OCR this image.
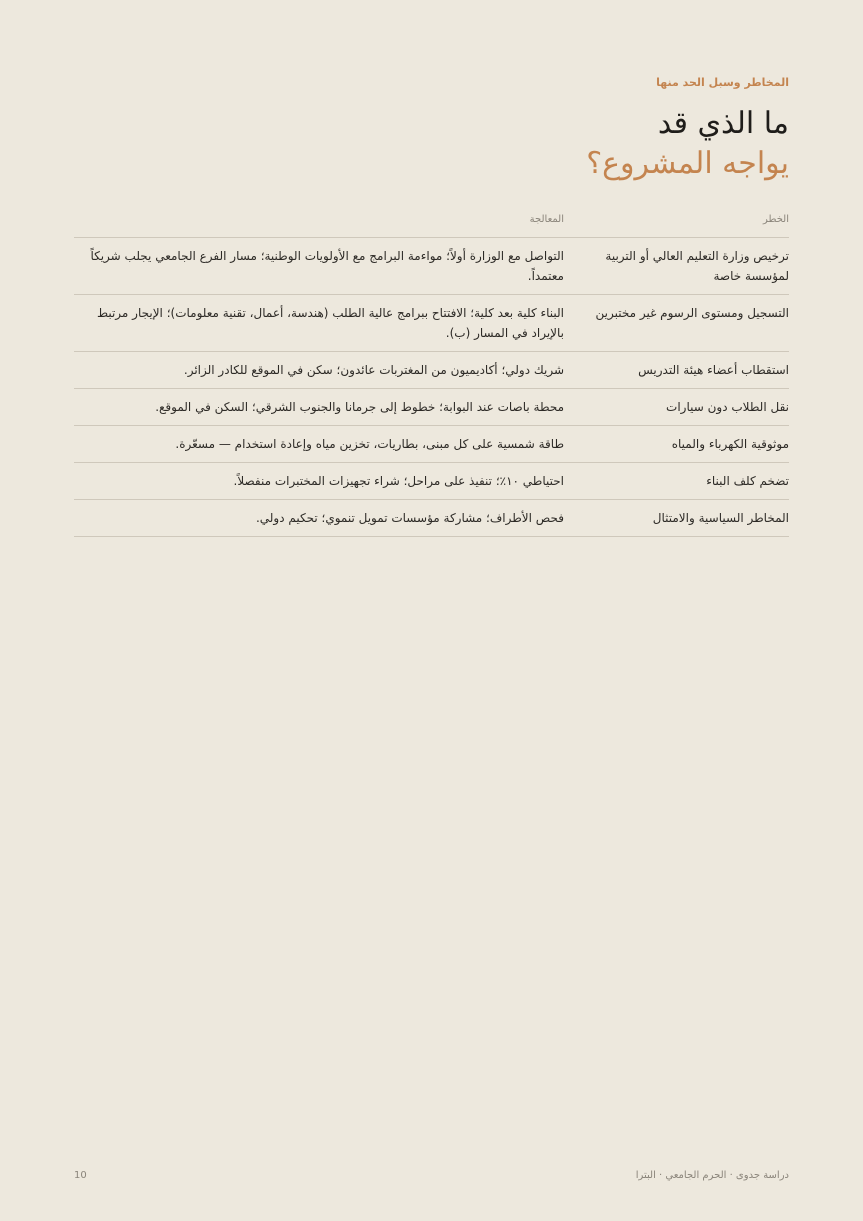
المخاطر وسبل الحد منها
ما الذي قد
يواجه المشروع؟
الخطر	المعالجة
ترخيص وزارة التعليم العالي أو التربية لمؤسسة خاصة	التواصل مع الوزارة أولاً؛ مواءمة البرامج مع الأولويات الوطنية؛ مسار الفرع الجامعي يجلب شريكاً معتمداً.
التسجيل ومستوى الرسوم غير مختبرين	البناء كلية بعد كلية؛ الافتتاح ببرامج عالية الطلب (هندسة، أعمال، تقنية معلومات)؛ الإيجار مرتبط بالإيراد في المسار (ب).
استقطاب أعضاء هيئة التدريس	شريك دولي؛ أكاديميون من المغتربات عائدون؛ سكن في الموقع للكادر الزائر.
نقل الطلاب دون سيارات	محطة باصات عند البوابة؛ خطوط إلى جرمانا والجنوب الشرقي؛ السكن في الموقع.
موثوقية الكهرباء والمياه	طاقة شمسية على كل مبنى، بطاريات، تخزين مياه وإعادة استخدام — مسعّرة.
تضخم كلف البناء	احتياطي ١٠٪؛ تنفيذ على مراحل؛ شراء تجهيزات المختبرات منفصلاً.
المخاطر السياسية والامتثال	فحص الأطراف؛ مشاركة مؤسسات تمويل تنموي؛ تحكيم دولي.
دراسة جدوى · الحرم الجامعي · البترا
10
